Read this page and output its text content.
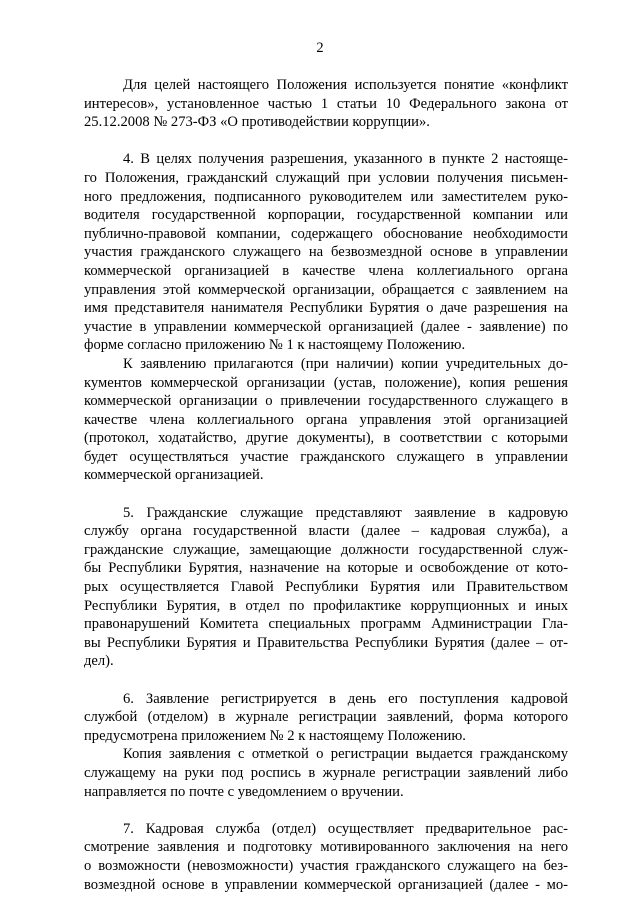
2
Для целей настоящего Положения используется понятие «конфликт
интересов», установленное частью 1 статьи 10 Федерального закона от
25.12.2008 № 273-ФЗ «О противодействии коррупции».
4. В целях получения разрешения, указанного в пункте 2 настояще-
го Положения, гражданский служащий при условии получения письмен-
ного предложения, подписанного руководителем или заместителем руко-
водителя государственной корпорации, государственной компании или
публично-правовой компании, содержащего обоснование необходимости
участия гражданского служащего на безвозмездной основе в управлении
коммерческой организацией в качестве члена коллегиального органа
управления этой коммерческой организации, обращается с заявлением на
имя представителя нанимателя Республики Бурятия о даче разрешения на
участие в управлении коммерческой организацией (далее - заявление) по
форме согласно приложению № 1 к настоящему Положению.
К заявлению прилагаются (при наличии) копии учредительных до-
кументов коммерческой организации (устав, положение), копия решения
коммерческой организации о привлечении государственного служащего в
качестве члена коллегиального органа управления этой организацией
(протокол, ходатайство, другие документы), в соответствии с которыми
будет осуществляться участие гражданского служащего в управлении
коммерческой организацией.
5. Гражданские служащие представляют заявление в кадровую
службу органа государственной власти (далее – кадровая служба), а
гражданские служащие, замещающие должности государственной служ-
бы Республики Бурятия, назначение на которые и освобождение от кото-
рых осуществляется Главой Республики Бурятия или Правительством
Республики Бурятия, в отдел по профилактике коррупционных и иных
правонарушений Комитета специальных программ Администрации Гла-
вы Республики Бурятия и Правительства Республики Бурятия (далее – от-
дел).
6. Заявление регистрируется в день его поступления кадровой
службой (отделом) в журнале регистрации заявлений, форма которого
предусмотрена приложением № 2 к настоящему Положению.
Копия заявления с отметкой о регистрации выдается гражданскому
служащему на руки под роспись в журнале регистрации заявлений либо
направляется по почте с уведомлением о вручении.
7. Кадровая служба (отдел) осуществляет предварительное рас-
смотрение заявления и подготовку мотивированного заключения на него
о возможности (невозможности) участия гражданского служащего на без-
возмездной основе в управлении коммерческой организацией (далее - мо-
